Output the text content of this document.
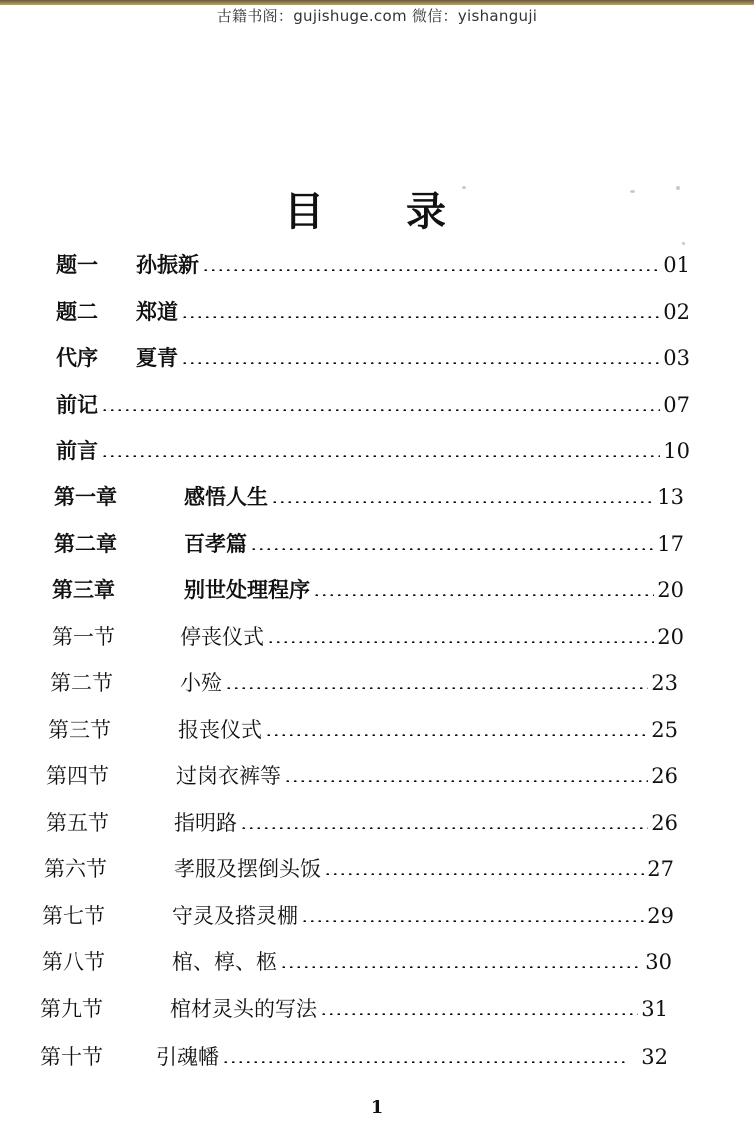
古籍书阁：gujishuge.com 微信：yishanguji
目 录
题一	孙振新	01
题二	郑道	02
代序	夏青	03
前记	07
前言	10
第一章	感悟人生	13
第二章	百孝篇	17
第三章	别世处理程序	20
第一节	停丧仪式	20
第二节	小殓	23
第三节	报丧仪式	25
第四节	过岗衣裤等	26
第五节	指明路	26
第六节	孝服及摆倒头饭	27
第七节	守灵及搭灵棚	29
第八节	棺、椁、柩	30
第九节	棺材灵头的写法	31
第十节	引魂幡	32
1
